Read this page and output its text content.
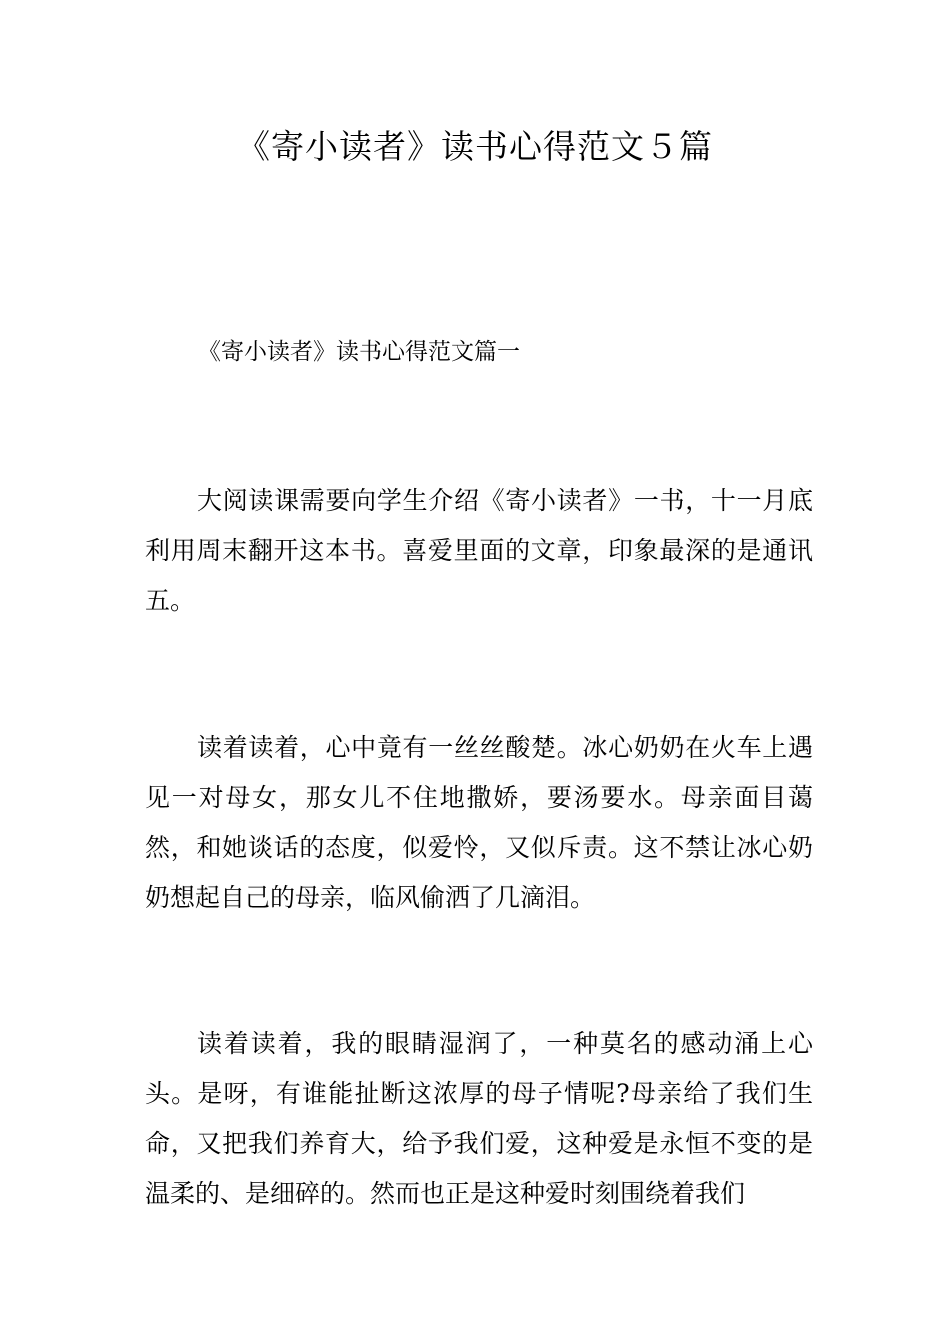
《寄小读者》读书心得范文５篇
《寄小读者》读书心得范文篇一

大阅读课需要向学生介绍《寄小读者》一书，十一月底利用周末翻开这本书。喜爱里面的文章，印象最深的是通讯五。

读着读着，心中竟有一丝丝酸楚。冰心奶奶在火车上遇见一对母女，那女儿不住地撒娇，要汤要水。母亲面目蔼然，和她谈话的态度，似爱怜，又似斥责。这不禁让冰心奶奶想起自己的母亲，临风偷洒了几滴泪。

读着读着，我的眼睛湿润了，一种莫名的感动涌上心头。是呀，有谁能扯断这浓厚的母子情呢?母亲给了我们生命，又把我们养育大，给予我们爱，这种爱是永恒不变的是温柔的、是细碎的。然而也正是这种爱时刻围绕着我们
